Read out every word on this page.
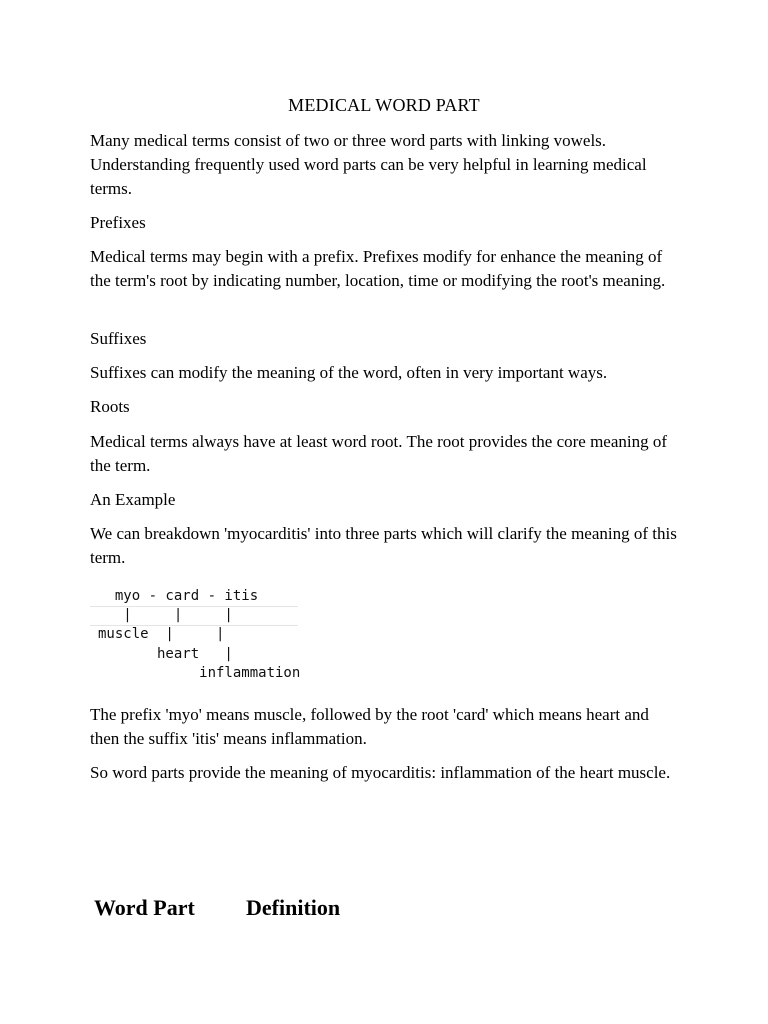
MEDICAL WORD PART

Many medical terms consist of two or three word parts with linking vowels. Understanding frequently used word parts can be very helpful in learning medical terms.

Prefixes

Medical terms may begin with a prefix. Prefixes modify for enhance the meaning of the term's root by indicating number, location, time or modifying the root's meaning.

Suffixes

Suffixes can modify the meaning of the word, often in very important ways.

Roots

Medical terms always have at least word root. The root provides the core meaning of the term.

An Example

We can breakdown 'myocarditis' into three parts which will clarify the meaning of this term.

myo - card - itis
|     |     |
muscle  |     |
heart   |
inflammation

The prefix 'myo' means muscle, followed by the root 'card' which means heart and then the suffix 'itis' means inflammation.

So word parts provide the meaning of myocarditis: inflammation of the heart muscle.

Word Part Definition
